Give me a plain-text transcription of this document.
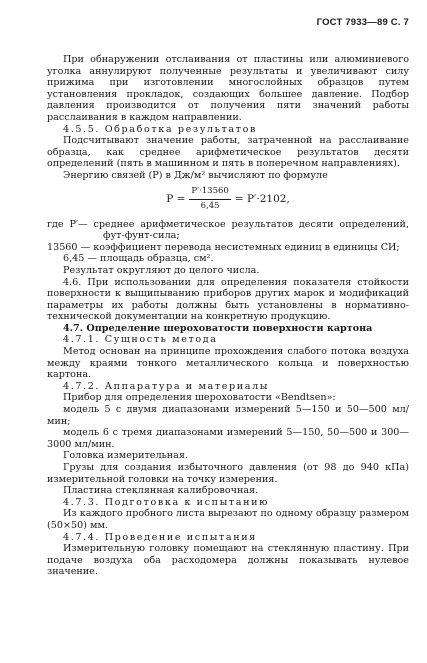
ГОСТ 7933—89 С. 7

При обнаружении отслаивания от пластины или алюминиевого уголка аннулируют полученные результаты и увеличивают силу прижима при изготовлении многослойных образцов путем установления прокладок, создающих большее давление. Подбор давления производится от получения пяти значений работы расслаивания в каждом направлении.

4.5.5. Обработка результатов

Подсчитывают значение работы, затраченной на расслаивание образца, как среднее арифметическое результатов десяти определений (пять в машинном и пять в поперечном направлениях).

Энергию связей (P) в Дж/м² вычисляют по формуле

$P = \frac{P'\cdot 13560}{6,45} = P'\cdot 2102$,

где P′— среднее арифметическое результатов десяти определений, фут-фунт-сила;

13560 — коэффициент перевода несистемных единиц в единицы СИ;

6,45 — площадь образца, см².

Результат округляют до целого числа.

4.6. При использовании для определения показателя стойкости поверхности к выщипыванию приборов других марок и модификаций параметры их работы должны быть установлены в нормативно-технической документации на конкретную продукцию.

4.7. Определение шероховатости поверхности картона

4.7.1. Сущность метода

Метод основан на принципе прохождения слабого потока воздуха между краями тонкого металлического кольца и поверхностью картона.

4.7.2. Аппаратура и материалы

Прибор для определения шероховатости «Bendtsen»:

модель 5 с двумя диапазонами измерений 5—150 и 50—500 мл/мин;

модель 6 с тремя диапазонами измерений 5—150, 50—500 и 300—3000 мл/мин.

Головка измерительная.

Грузы для создания избыточного давления (от 98 до 940 кПа) измерительной головки на точку измерения.

Пластина стеклянная калибровочная.

4.7.3. Подготовка к испытанию

Из каждого пробного листа вырезают по одному образцу размером (50×50) мм.

4.7.4. Проведение испытания

Измерительную головку помещают на стеклянную пластину. При подаче воздуха оба расходомера должны показывать нулевое значение.
